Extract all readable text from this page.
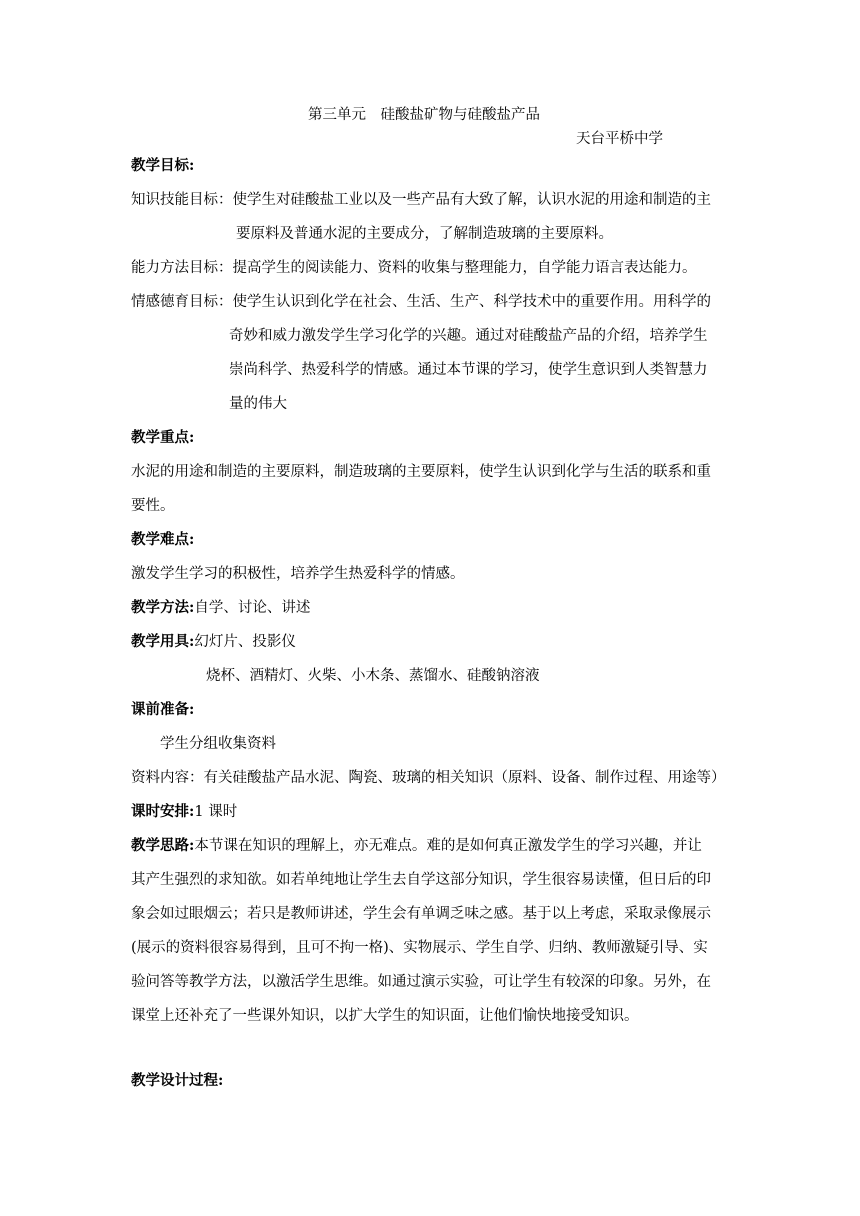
第三单元　硅酸盐矿物与硅酸盐产品
天台平桥中学
教学目标:
知识技能目标：使学生对硅酸盐工业以及一些产品有大致了解，认识水泥的用途和制造的主
要原料及普通水泥的主要成分，了解制造玻璃的主要原料。
能力方法目标：提高学生的阅读能力、资料的收集与整理能力，自学能力语言表达能力。
情感德育目标：使学生认识到化学在社会、生活、生产、科学技术中的重要作用。用科学的
奇妙和威力激发学生学习化学的兴趣。通过对硅酸盐产品的介绍，培养学生
崇尚科学、热爱科学的情感。通过本节课的学习，使学生意识到人类智慧力
量的伟大
教学重点:
水泥的用途和制造的主要原料，制造玻璃的主要原料，使学生认识到化学与生活的联系和重
要性。
教学难点:
激发学生学习的积极性，培养学生热爱科学的情感。
教学方法:自学、讨论、讲述
教学用具:幻灯片、投影仪
烧杯、酒精灯、火柴、小木条、蒸馏水、硅酸钠溶液
课前准备:
学生分组收集资料
资料内容：有关硅酸盐产品水泥、陶瓷、玻璃的相关知识（原料、设备、制作过程、用途等）
课时安排:1 课时
教学思路:本节课在知识的理解上，亦无难点。难的是如何真正激发学生的学习兴趣，并让
其产生强烈的求知欲。如若单纯地让学生去自学这部分知识，学生很容易读懂，但日后的印
象会如过眼烟云；若只是教师讲述，学生会有单调乏味之感。基于以上考虑，采取录像展示
(展示的资料很容易得到，且可不拘一格)、实物展示、学生自学、归纳、教师激疑引导、实
验问答等教学方法，以激活学生思维。如通过演示实验，可让学生有较深的印象。另外，在
课堂上还补充了一些课外知识，以扩大学生的知识面，让他们愉快地接受知识。
教学设计过程:
